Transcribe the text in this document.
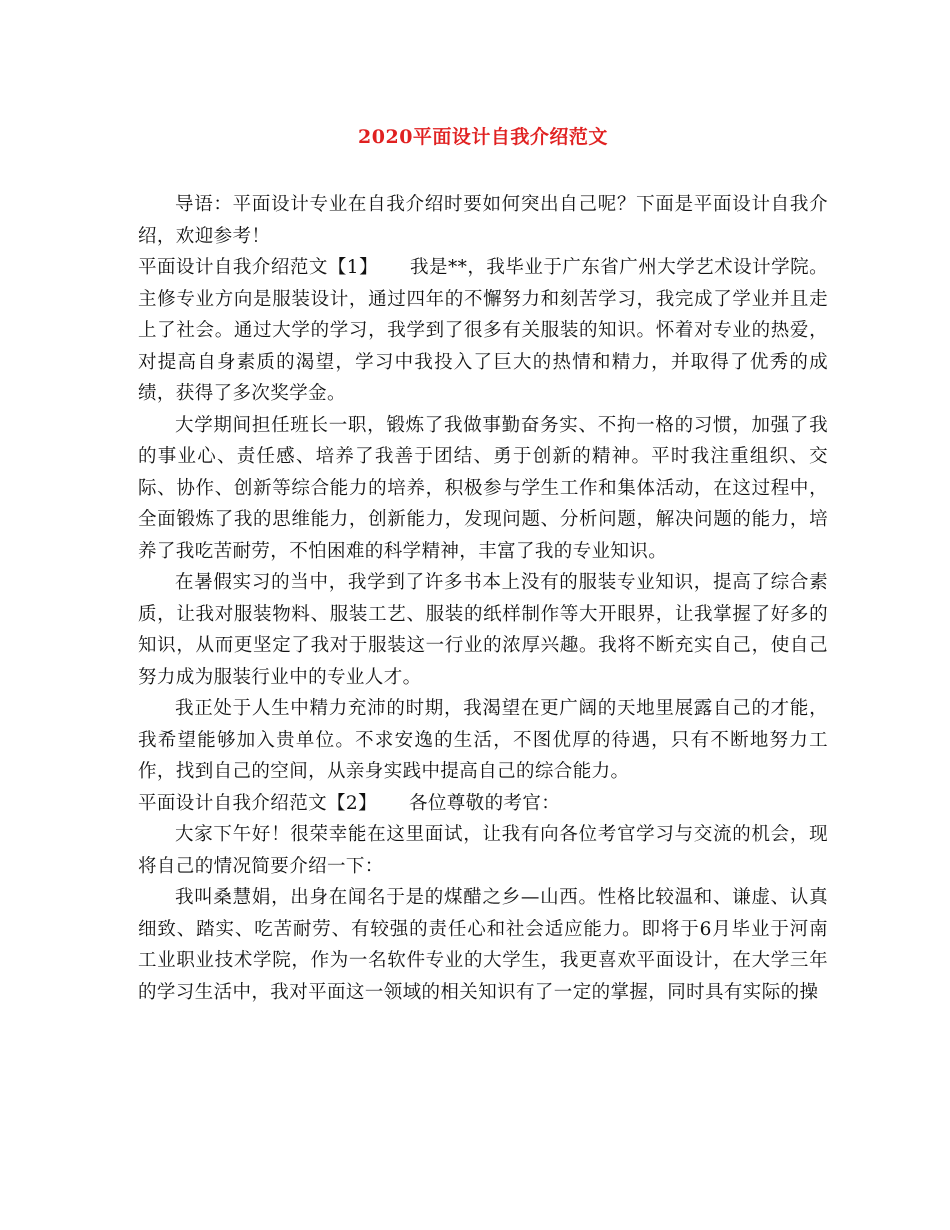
2020平面设计自我介绍范文

导语：平面设计专业在自我介绍时要如何突出自己呢？下面是平面设计自我介绍，欢迎参考！

平面设计自我介绍范文【1】 我是**，我毕业于广东省广州大学艺术设计学院。主修专业方向是服装设计，通过四年的不懈努力和刻苦学习，我完成了学业并且走上了社会。通过大学的学习，我学到了很多有关服装的知识。怀着对专业的热爱，对提高自身素质的渴望，学习中我投入了巨大的热情和精力，并取得了优秀的成绩，获得了多次奖学金。

大学期间担任班长一职，锻炼了我做事勤奋务实、不拘一格的习惯，加强了我的事业心、责任感、培养了我善于团结、勇于创新的精神。平时我注重组织、交际、协作、创新等综合能力的培养，积极参与学生工作和集体活动，在这过程中，全面锻炼了我的思维能力，创新能力，发现问题、分析问题，解决问题的能力，培养了我吃苦耐劳，不怕困难的科学精神，丰富了我的专业知识。

在暑假实习的当中，我学到了许多书本上没有的服装专业知识，提高了综合素质，让我对服装物料、服装工艺、服装的纸样制作等大开眼界，让我掌握了好多的知识，从而更坚定了我对于服装这一行业的浓厚兴趣。我将不断充实自己，使自己努力成为服装行业中的专业人才。

我正处于人生中精力充沛的时期，我渴望在更广阔的天地里展露自己的才能，我希望能够加入贵单位。不求安逸的生活，不图优厚的待遇，只有不断地努力工作，找到自己的空间，从亲身实践中提高自己的综合能力。

平面设计自我介绍范文【2】 各位尊敬的考官：

大家下午好！很荣幸能在这里面试，让我有向各位考官学习与交流的机会，现将自己的情况简要介绍一下：

我叫桑慧娟，出身在闻名于是的煤醋之乡—山西。性格比较温和、谦虚、认真细致、踏实、吃苦耐劳、有较强的责任心和社会适应能力。即将于6月毕业于河南工业职业技术学院，作为一名软件专业的大学生，我更喜欢平面设计，在大学三年的学习生活中，我对平面这一领域的相关知识有了一定的掌握，同时具有实际的操
